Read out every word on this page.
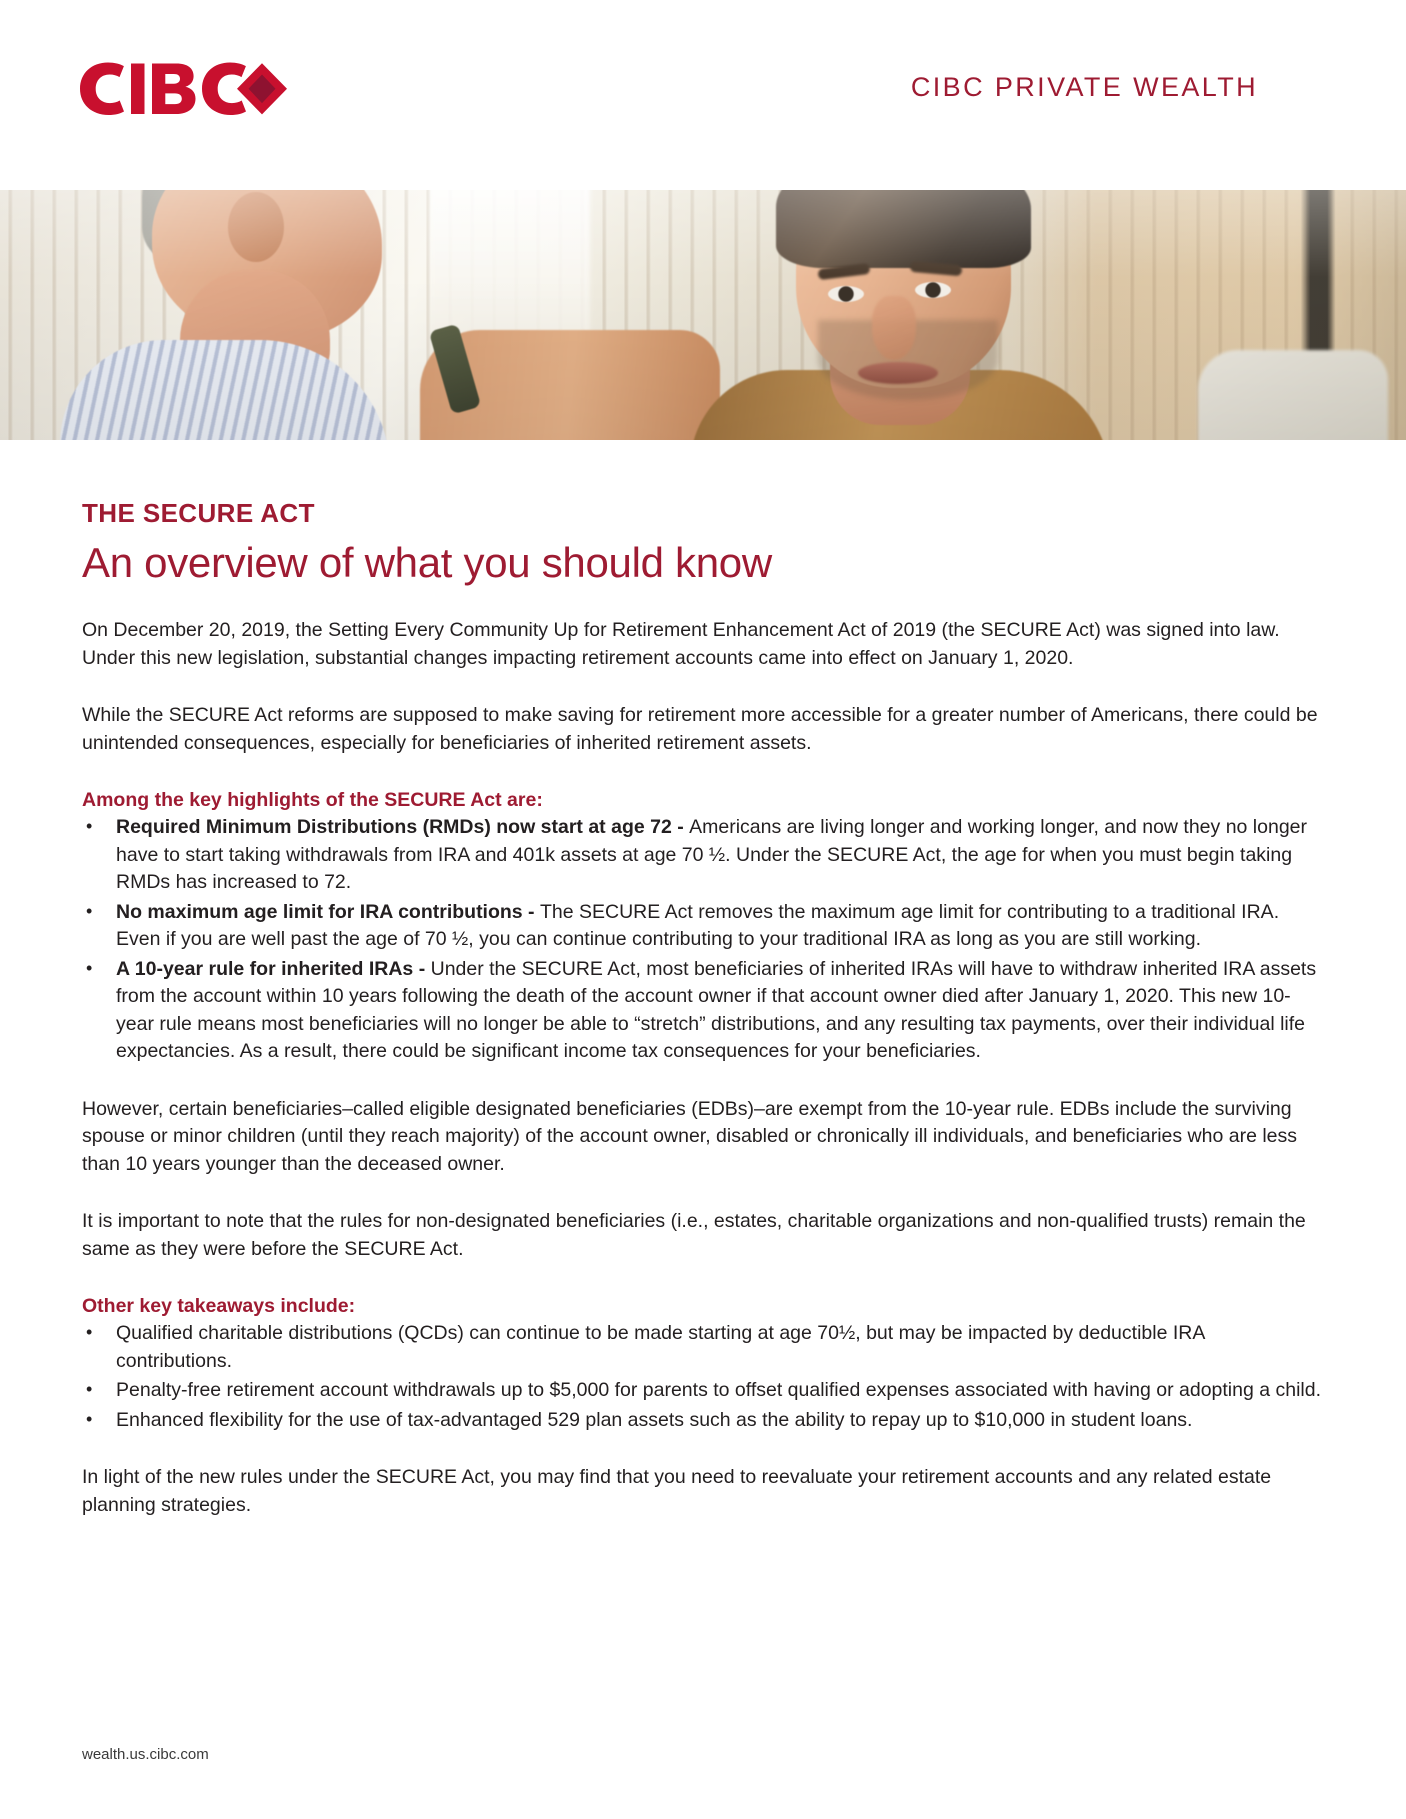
CIBC PRIVATE WEALTH
THE SECURE ACT
An overview of what you should know

On December 20, 2019, the Setting Every Community Up for Retirement Enhancement Act of 2019 (the SECURE Act) was signed into law. Under this new legislation, substantial changes impacting retirement accounts came into effect on January 1, 2020.

While the SECURE Act reforms are supposed to make saving for retirement more accessible for a greater number of Americans, there could be unintended consequences, especially for beneficiaries of inherited retirement assets.

Among the key highlights of the SECURE Act are:
• Required Minimum Distributions (RMDs) now start at age 72 - Americans are living longer and working longer, and now they no longer have to start taking withdrawals from IRA and 401k assets at age 70 ½. Under the SECURE Act, the age for when you must begin taking RMDs has increased to 72.
• No maximum age limit for IRA contributions - The SECURE Act removes the maximum age limit for contributing to a traditional IRA. Even if you are well past the age of 70 ½, you can continue contributing to your traditional IRA as long as you are still working.
• A 10-year rule for inherited IRAs - Under the SECURE Act, most beneficiaries of inherited IRAs will have to withdraw inherited IRA assets from the account within 10 years following the death of the account owner if that account owner died after January 1, 2020. This new 10-year rule means most beneficiaries will no longer be able to “stretch” distributions, and any resulting tax payments, over their individual life expectancies. As a result, there could be significant income tax consequences for your beneficiaries.

However, certain beneficiaries–called eligible designated beneficiaries (EDBs)–are exempt from the 10-year rule. EDBs include the surviving spouse or minor children (until they reach majority) of the account owner, disabled or chronically ill individuals, and beneficiaries who are less than 10 years younger than the deceased owner.

It is important to note that the rules for non-designated beneficiaries (i.e., estates, charitable organizations and non-qualified trusts) remain the same as they were before the SECURE Act.

Other key takeaways include:
• Qualified charitable distributions (QCDs) can continue to be made starting at age 70½, but may be impacted by deductible IRA contributions.
• Penalty-free retirement account withdrawals up to $5,000 for parents to offset qualified expenses associated with having or adopting a child.
• Enhanced flexibility for the use of tax-advantaged 529 plan assets such as the ability to repay up to $10,000 in student loans.

In light of the new rules under the SECURE Act, you may find that you need to reevaluate your retirement accounts and any related estate planning strategies.

wealth.us.cibc.com
